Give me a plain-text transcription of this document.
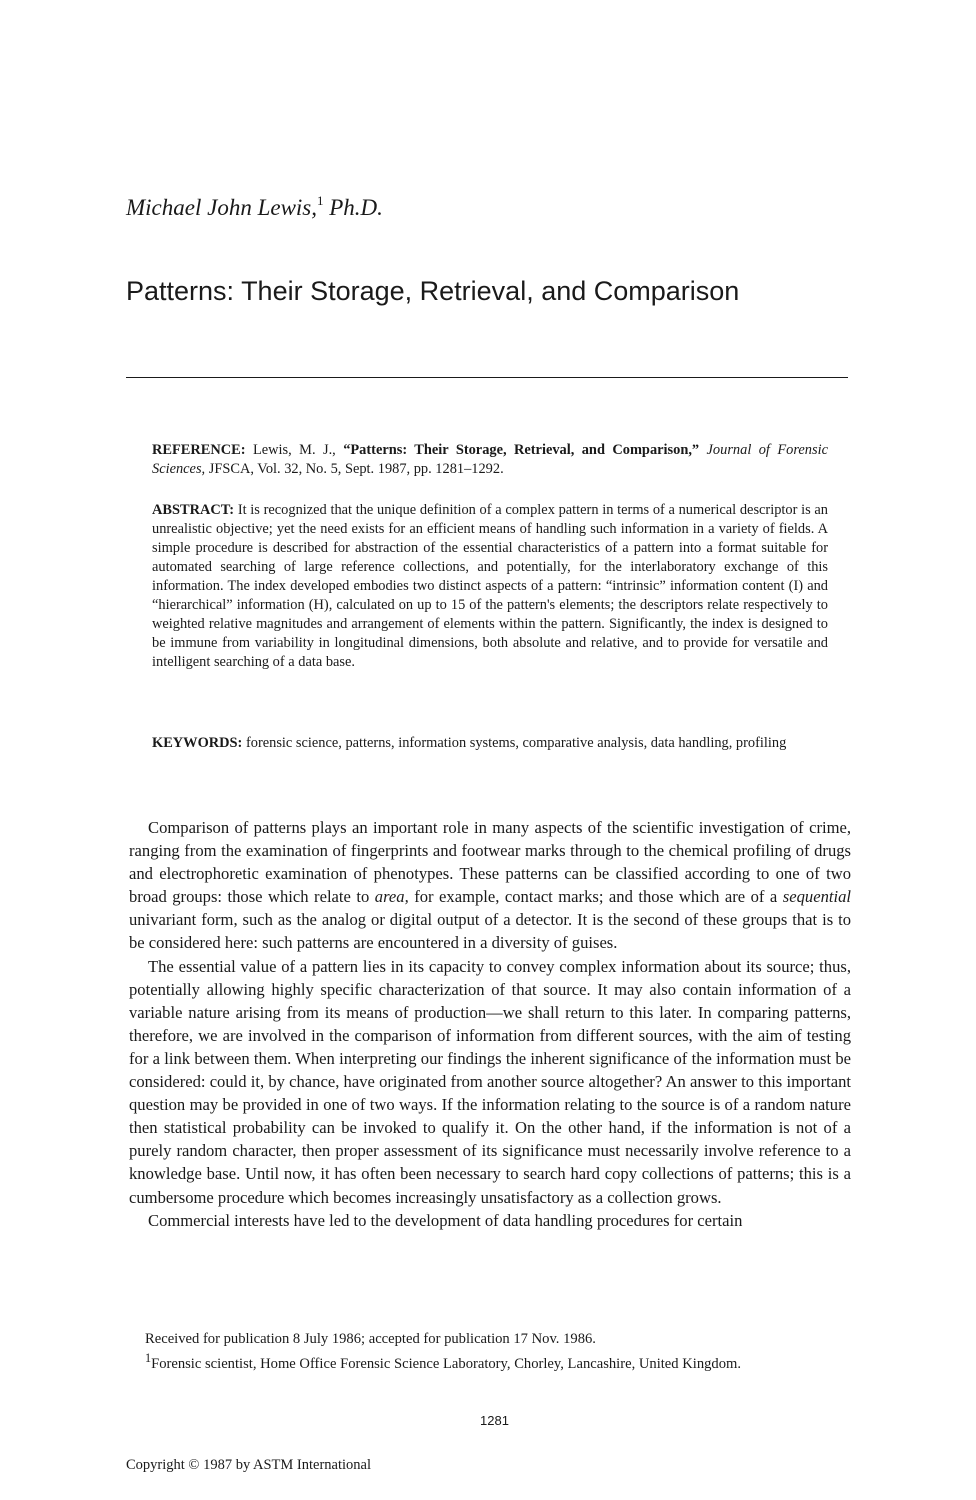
Michael John Lewis,$^1$ Ph.D.
Patterns: Their Storage, Retrieval, and Comparison
REFERENCE: Lewis, M. J., “Patterns: Their Storage, Retrieval, and Comparison,” Journal of Forensic Sciences, JFSCA, Vol. 32, No. 5, Sept. 1987, pp. 1281–1292.
ABSTRACT: It is recognized that the unique definition of a complex pattern in terms of a numerical descriptor is an unrealistic objective; yet the need exists for an efficient means of handling such information in a variety of fields. A simple procedure is described for abstraction of the essential characteristics of a pattern into a format suitable for automated searching of large reference collections, and potentially, for the interlaboratory exchange of this information. The index developed embodies two distinct aspects of a pattern: “intrinsic” information content (I) and “hierarchical” information (H), calculated on up to 15 of the pattern's elements; the descriptors relate respectively to weighted relative magnitudes and arrangement of elements within the pattern. Significantly, the index is designed to be immune from variability in longitudinal dimensions, both absolute and relative, and to provide for versatile and intelligent searching of a data base.
KEYWORDS: forensic science, patterns, information systems, comparative analysis, data handling, profiling

Comparison of patterns plays an important role in many aspects of the scientific investigation of crime, ranging from the examination of fingerprints and footwear marks through to the chemical profiling of drugs and electrophoretic examination of phenotypes. These patterns can be classified according to one of two broad groups: those which relate to area, for example, contact marks; and those which are of a sequential univariant form, such as the analog or digital output of a detector. It is the second of these groups that is to be considered here: such patterns are encountered in a diversity of guises.

The essential value of a pattern lies in its capacity to convey complex information about its source; thus, potentially allowing highly specific characterization of that source. It may also contain information of a variable nature arising from its means of production—we shall return to this later. In comparing patterns, therefore, we are involved in the comparison of information from different sources, with the aim of testing for a link between them. When interpreting our findings the inherent significance of the information must be considered: could it, by chance, have originated from another source altogether? An answer to this important question may be provided in one of two ways. If the information relating to the source is of a random nature then statistical probability can be invoked to qualify it. On the other hand, if the information is not of a purely random character, then proper assessment of its significance must necessarily involve reference to a knowledge base. Until now, it has often been necessary to search hard copy collections of patterns; this is a cumbersome procedure which becomes increasingly unsatisfactory as a collection grows.

Commercial interests have led to the development of data handling procedures for certain

Received for publication 8 July 1986; accepted for publication 17 Nov. 1986.

$^1$Forensic scientist, Home Office Forensic Science Laboratory, Chorley, Lancashire, United Kingdom.

1281
Copyright © 1987 by ASTM International
